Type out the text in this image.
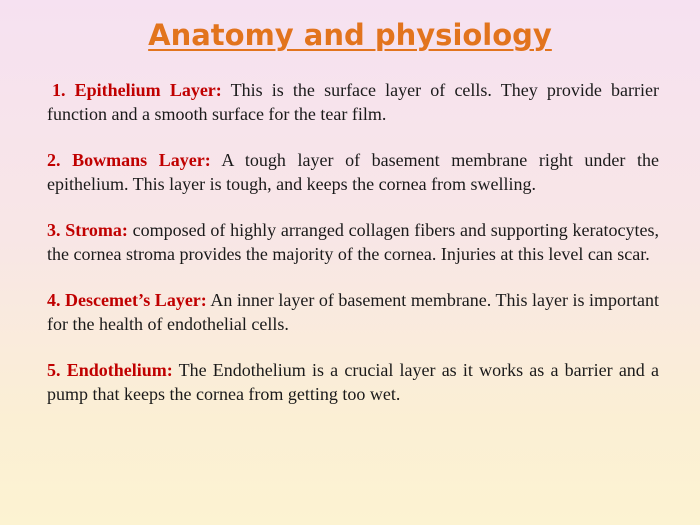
Anatomy and physiology

1. Epithelium Layer: This is the surface layer of cells. They provide barrier function and a smooth surface for the tear film.

2. Bowmans Layer: A tough layer of basement membrane right under the epithelium. This layer is tough, and keeps the cornea from swelling.

3. Stroma: composed of highly arranged collagen fibers and supporting keratocytes, the cornea stroma provides the majority of the cornea. Injuries at this level can scar.

4. Descemet’s Layer: An inner layer of basement membrane. This layer is important for the health of endothelial cells.

5. Endothelium: The Endothelium is a crucial layer as it works as a barrier and a pump that keeps the cornea from getting too wet.
